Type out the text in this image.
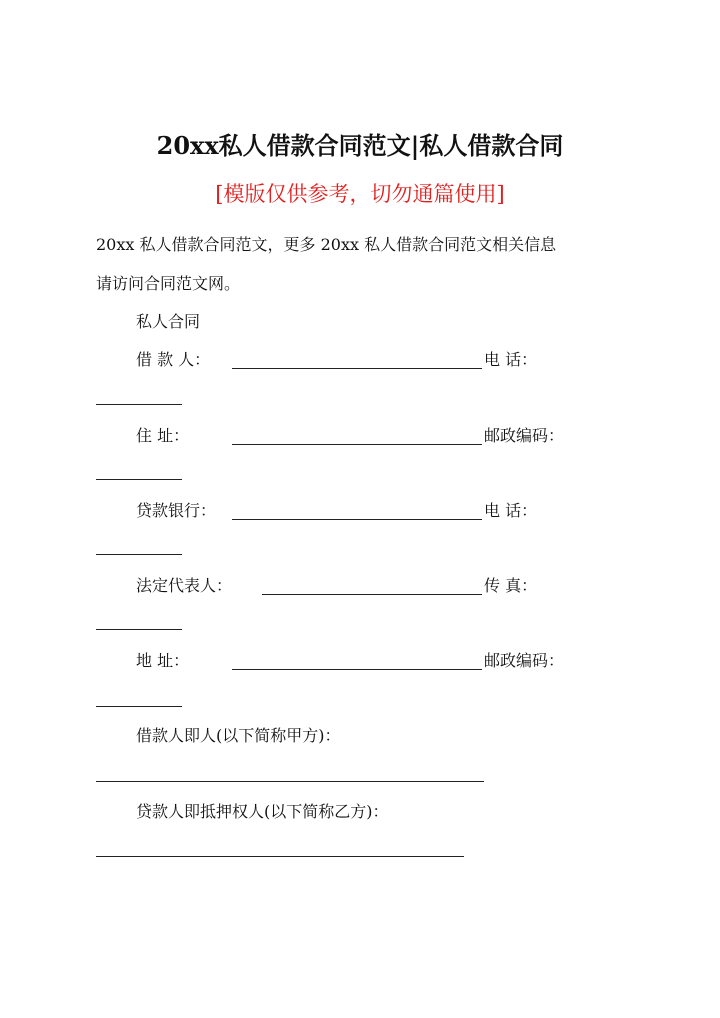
20xx私人借款合同范文|私人借款合同
[模版仅供参考，切勿通篇使用]
20xx 私人借款合同范文，更多 20xx 私人借款合同范文相关信息
请访问合同范文网。
私人合同
借 款 人：	电 话：
住 址：	邮政编码：
贷款银行：	电 话：
法定代表人：	传 真：
地 址：	邮政编码：
借款人即人(以下简称甲方)：
贷款人即抵押权人(以下简称乙方)：
